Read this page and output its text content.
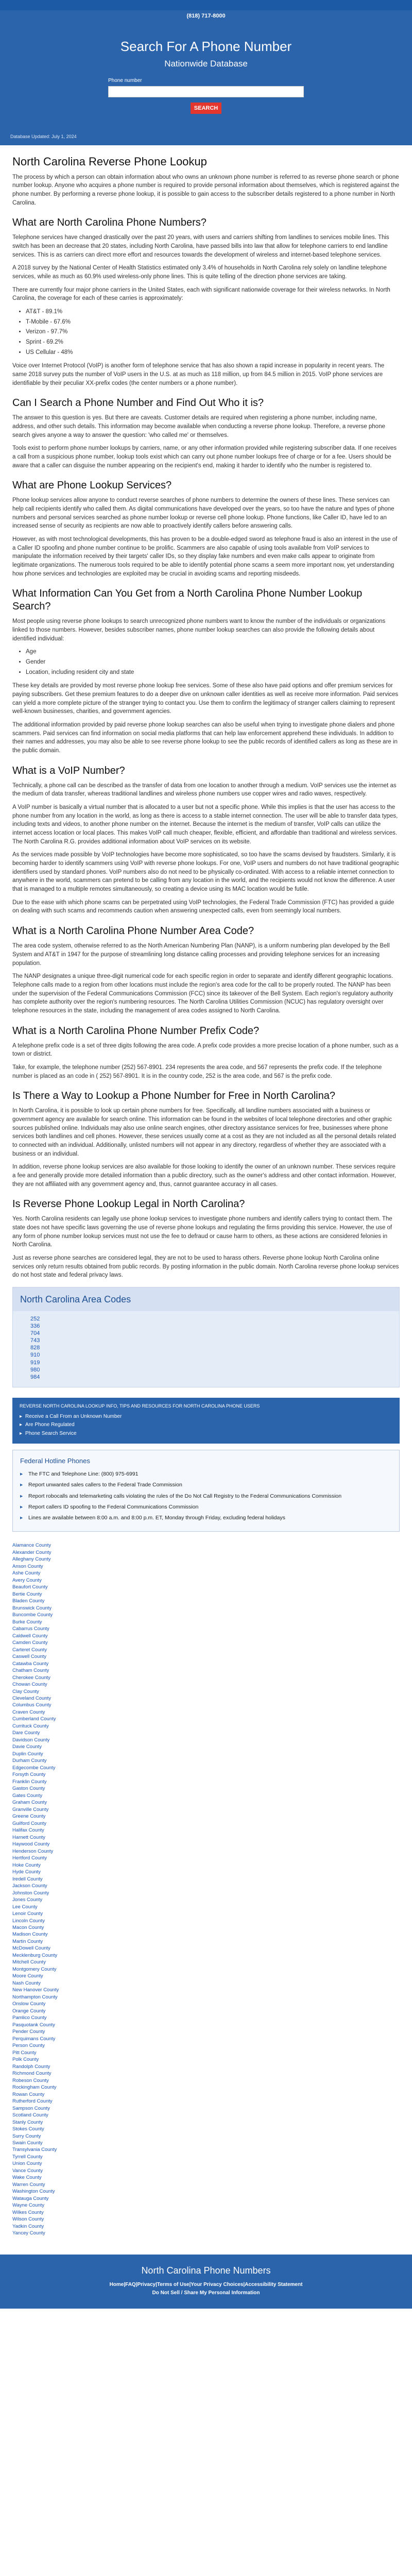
(818) 717-8000
Search For A Phone Number
Nationwide Database
Phone number
SEARCH
Database Updated: July 1, 2024
North Carolina Reverse Phone Lookup

The process by which a person can obtain information about who owns an unknown phone number is referred to as reverse phone search or phone number lookup. Anyone who acquires a phone number is required to provide personal information about themselves, which is registered against the phone number. By performing a reverse phone lookup, it is possible to gain access to the subscriber details registered to a phone number in North Carolina.

What are North Carolina Phone Numbers?

Telephone services have changed drastically over the past 20 years, with users and carriers shifting from landlines to services mobile lines. This switch has been an decrease that 20 states, including North Carolina, have passed bills into law that allow for telephone carriers to end landline services. This is as carriers can direct more effort and resources towards the development of wireless and internet-based telephone services.

A 2018 survey by the National Center of Health Statistics estimated only 3.4% of households in North Carolina rely solely on landline telephone services, while as much as 60.9% used wireless-only phone lines. This is quite telling of the direction phone services are taking.

There are currently four major phone carriers in the United States, each with significant nationwide coverage for their wireless networks. In North Carolina, the coverage for each of these carries is approximately:

• AT&T - 89.1%
• T-Mobile - 67.6%
• Verizon - 97.7%
• Sprint - 69.2%
• US Cellular - 48%

Voice over Internet Protocol (VoIP) is another form of telephone service that has also shown a rapid increase in popularity in recent years. The same 2018 survey puts the number of VoIP users in the U.S. at as much as 118 million, up from 84.5 million in 2015. VoIP phone services are identifiable by their peculiar XX-prefix codes (the center numbers or a phone number).

Can I Search a Phone Number and Find Out Who it is?

The answer to this question is yes. But there are caveats. Customer details are required when registering a phone number, including name, address, and other such details. This information may become available when conducting a reverse phone lookup. Therefore, a reverse phone search gives anyone a way to answer the question: 'who called me' or themselves.

Tools exist to perform phone number lookups by carriers, name, or any other information provided while registering subscriber data. If one receives a call from a suspicious phone number, lookup tools exist which can carry out phone number lookups free of charge or for a fee. Users should be aware that a caller can disguise the number appearing on the recipient's end, making it harder to identify who the number is registered to.

What are Phone Lookup Services?

Phone lookup services allow anyone to conduct reverse searches of phone numbers to determine the owners of these lines. These services can help call recipients identify who called them. As digital communications have developed over the years, so too have the nature and types of phone numbers and personal services searched as phone number lookup or reverse cell phone lookup. Phone functions, like Caller ID, have led to an increased sense of security as recipients are now able to proactively identify callers before answering calls.

However, as with most technological developments, this has proven to be a double-edged sword as telephone fraud is also an interest in the use of a Caller ID spoofing and phone number continue to be prolific. Scammers are also capable of using tools available from VoIP services to manipulate the information received by their targets' caller IDs, so they display fake numbers and even make calls appear to originate from legitimate organizations. The numerous tools required to be able to identify potential phone scams a seem more important now, yet understanding how phone services and technologies are exploited may be crucial in avoiding scams and reporting misdeeds.

What Information Can You Get from a North Carolina Phone Number Lookup Search?

Most people using reverse phone lookups to search unrecognized phone numbers want to know the number of the individuals or organizations linked to those numbers. However, besides subscriber names, phone number lookup searches can also provide the following details about identified individual:

• Age
• Gender
• Location, including resident city and state

These key details are provided by most reverse phone lookup free services. Some of these also have paid options and offer premium services for paying subscribers. Get these premium features to do a deeper dive on unknown caller identities as well as receive more information. Paid services can yield a more complete picture of the stranger trying to contact you. Use them to confirm the legitimacy of stranger callers claiming to represent well-known businesses, charities, and government agencies.

The additional information provided by paid reverse phone lookup searches can also be useful when trying to investigate phone dialers and phone scammers. Paid services can find information on social media platforms that can help law enforcement apprehend these individuals. In addition to their names and addresses, you may also be able to see reverse phone lookup to see the public records of identified callers as long as these are in the public domain.

What is a VoIP Number?

Technically, a phone call can be described as the transfer of data from one location to another through a medium. VoIP services use the internet as the medium of data transfer, whereas traditional landlines and wireless phone numbers use copper wires and radio waves, respectively.

A VoIP number is basically a virtual number that is allocated to a user but not a specific phone. While this implies is that the user has access to the phone number from any location in the world, as long as there is access to a stable internet connection. The user will be able to transfer data types, including texts and videos, to another phone number on the internet. Because the internet is the medium of transfer, VoIP calls can utilize the internet access location or local places. This makes VoIP call much cheaper, flexible, efficient, and affordable than traditional and wireless services. The North Carolina R.G. provides additional information about VoIP services on its website.

As the services made possible by VoIP technologies have become more sophisticated, so too have the scams devised by fraudsters. Similarly, it is becoming harder to identify scammers using VoIP with reverse phone lookups. For one, VoIP users and numbers do not have traditional geographic identifiers used by standard phones. VoIP numbers also do not need to be physically co-ordinated. With access to a reliable internet connection to anywhere in the world, scammers can pretend to be calling from any location in the world, and the recipients would not know the difference. A user that is managed to a multiple remotes simultaneously, so creating a device using its MAC location would be futile.

Due to the ease with which phone scams can be perpetrated using VoIP technologies, the Federal Trade Commission (FTC) has provided a guide on dealing with such scams and recommends caution when answering unexpected calls, even from seemingly local numbers.

What is a North Carolina Phone Number Area Code?

The area code system, otherwise referred to as the North American Numbering Plan (NANP), is a uniform numbering plan developed by the Bell System and AT&T in 1947 for the purpose of streamlining long distance calling processes and providing telephone services for an increasing population.

The NANP designates a unique three-digit numerical code for each specific region in order to separate and identify different geographic locations. Telephone calls made to a region from other locations must include the region's area code for the call to be properly routed. The NANP has been under the supervision of the Federal Communications Commission (FCC) since its takeover of the Bell System. Each region's regulatory authority has complete authority over the region's numbering resources. The North Carolina Utilities Commission (NCUC) has regulatory oversight over telephone resources in the state, including the management of area codes assigned to North Carolina.

What is a North Carolina Phone Number Prefix Code?

A telephone prefix code is a set of three digits following the area code. A prefix code provides a more precise location of a phone number, such as a town or district.

Take, for example, the telephone number (252) 567-8901. 234 represents the area code, and 567 represents the prefix code. If the telephone number is placed as an code in ( 252) 567-8901. It is in the country code, 252 is the area code, and 567 is the prefix code.

Is There a Way to Lookup a Phone Number for Free in North Carolina?

In North Carolina, it is possible to look up certain phone numbers for free. Specifically, all landline numbers associated with a business or government agency are available for search online. This information can be found in the websites of local telephone directories and other graphic sources published online. Individuals may also use online search engines, other directory assistance services for free, businesses where phone services both landlines and cell phones. However, these services usually come at a cost as they are not included as all the personal details related to connected with an individual. Additionally, unlisted numbers will not appear in any directory, regardless of whether they are associated with a business or an individual.

In addition, reverse phone lookup services are also available for those looking to identify the owner of an unknown number. These services require a fee and generally provide more detailed information than a public directory, such as the owner's address and other contact information. However, they are not affiliated with any government agency and, thus, cannot guarantee accuracy in all cases.

Is Reverse Phone Lookup Legal in North Carolina?

Yes. North Carolina residents can legally use phone lookup services to investigate phone numbers and identify callers trying to contact them. The state does not have specific laws governing the use of reverse phone lookups and regulating the firms providing this service. However, the use of any form of phone number lookup services must not use the fee to defraud or cause harm to others, as these actions are considered felonies in North Carolina.

Just as reverse phone searches are considered legal, they are not to be used to harass others. Reverse phone lookup North Carolina online services only return results obtained from public records. By posting information in the public domain. North Carolina reverse phone lookup services do not host state and federal privacy laws.

North Carolina Area Codes
252
336
704
743
828
910
919
980
984
REVERSE NORTH CAROLINA LOOKUP INFO, TIPS AND RESOURCES FOR NORTH CAROLINA PHONE USERS
▸ Receive a Call From an Unknown Number
▸ Are Phone Regulated
▸ Phone Search Service
Federal Hotline Phones
▸ The FTC and Telephone Line: (800) 975-6991
▸ Report unwanted sales callers to the Federal Trade Commission
▸ Report robocalls and telemarketing calls violating the rules of the Do Not Call Registry to the Federal Communications Commission
▸ Report callers ID spoofing to the Federal Communications Commission
▸ Lines are available between 8:00 a.m. and 8:00 p.m. ET, Monday through Friday, excluding federal holidays
Alamance County
Alexander County
Alleghany County
Anson County
Ashe County
Avery County
Beaufort County
Bertie County
Bladen County
Brunswick County
Buncombe County
Burke County
Cabarrus County
Caldwell County
Camden County
Carteret County
Caswell County
Catawba County
Chatham County
Cherokee County
Chowan County
Clay County
Cleveland County
Columbus County
Craven County
Cumberland County
Currituck County
Dare County
Davidson County
Davie County
Duplin County
Durham County
Edgecombe County
Forsyth County
Franklin County
Gaston County
Gates County
Graham County
Granville County
Greene County
Guilford County
Halifax County
Harnett County
Haywood County
Henderson County
Hertford County
Hoke County
Hyde County
Iredell County
Jackson County
Johnston County
Jones County
Lee County
Lenoir County
Lincoln County
Macon County
Madison County
Martin County
McDowell County
Mecklenburg County
Mitchell County
Montgomery County
Moore County
Nash County
New Hanover County
Northampton County
Onslow County
Orange County
Pamlico County
Pasquotank County
Pender County
Perquimans County
Person County
Pitt County
Polk County
Randolph County
Richmond County
Robeson County
Rockingham County
Rowan County
Rutherford County
Sampson County
Scotland County
Stanly County
Stokes County
Surry County
Swain County
Transylvania County
Tyrrell County
Union County
Vance County
Wake County
Warren County
Washington County
Watauga County
Wayne County
Wilkes County
Wilson County
Yadkin County
Yancey County
North Carolina Phone Numbers
Home|FAQ|Privacy|Terms of Use|Your Privacy Choices|Accessibility Statement
Do Not Sell / Share My Personal Information
